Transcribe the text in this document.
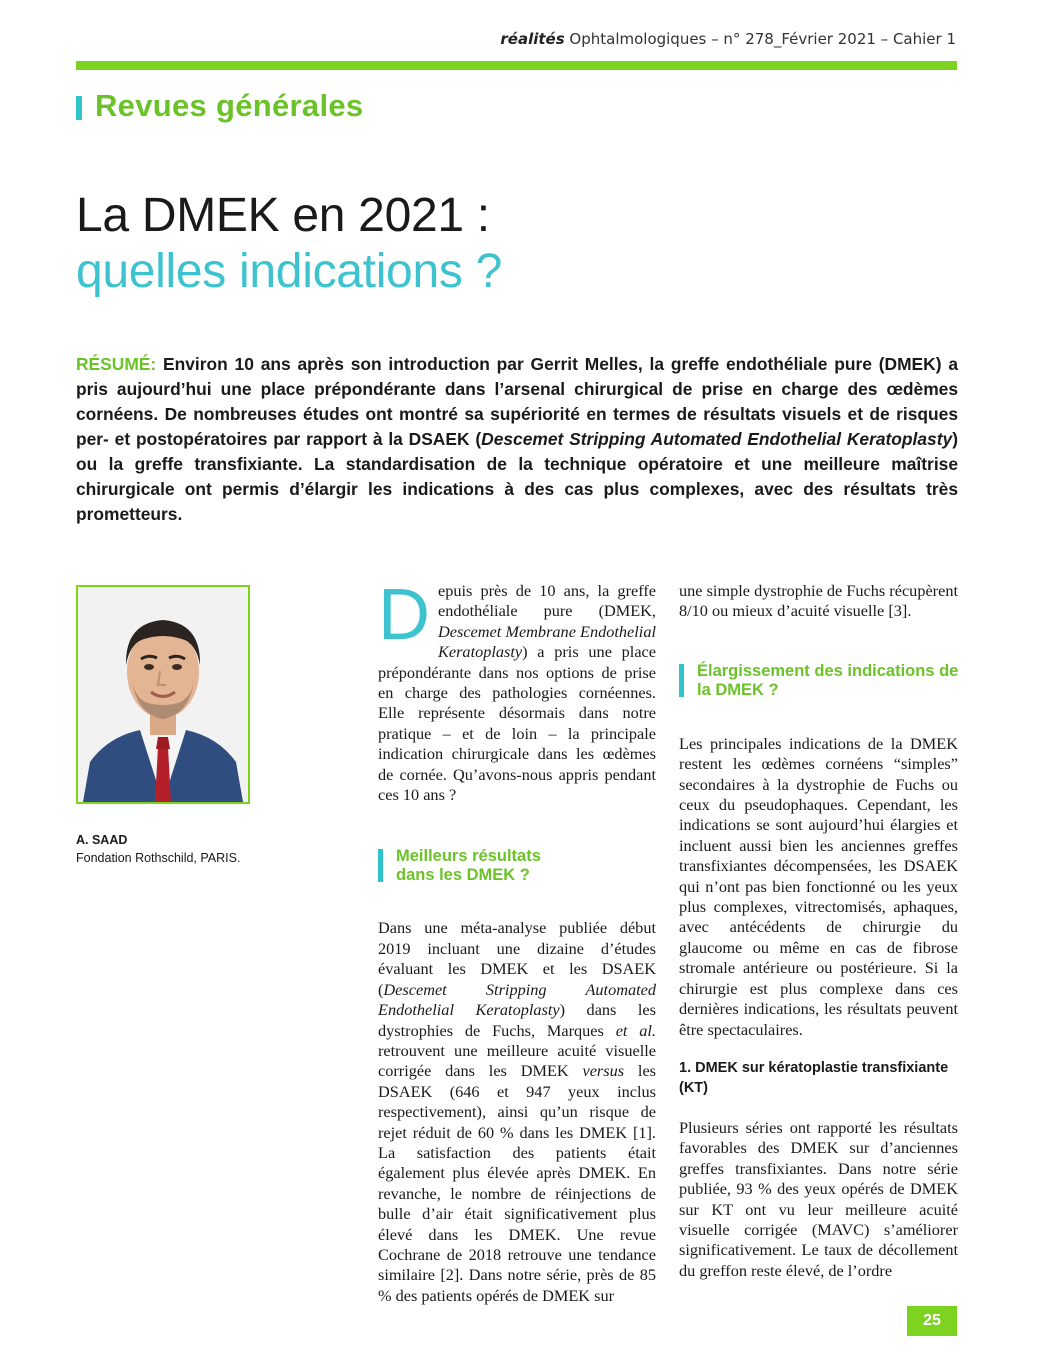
réalités Ophtalmologiques – n° 278_Février 2021 – Cahier 1
Revues générales
La DMEK en 2021 :
quelles indications ?
RÉSUMÉ: Environ 10 ans après son introduction par Gerrit Melles, la greffe endothéliale pure (DMEK) a pris aujourd’hui une place prépondérante dans l’arsenal chirurgical de prise en charge des œdèmes cornéens. De nombreuses études ont montré sa supériorité en termes de résultats visuels et de risques per- et postopératoires par rapport à la DSAEK (Descemet Stripping Automated Endothelial Keratoplasty) ou la greffe transfixiante. La standardisation de la technique opératoire et une meilleure maîtrise chirurgicale ont permis d’élargir les indications à des cas plus complexes, avec des résultats très prometteurs.
A. SAAD
Fondation Rothschild, PARIS.

Depuis près de 10 ans, la greffe endothéliale pure (DMEK, Descemet Membrane Endothelial Keratoplasty) a pris une place prépondérante dans nos options de prise en charge des pathologies cornéennes. Elle représente désormais dans notre pratique – et de loin – la principale indication chirurgicale dans les œdèmes de cornée. Qu’avons-nous appris pendant ces 10 ans ?

Meilleurs résultats dans les DMEK ?

Dans une méta-analyse publiée début 2019 incluant une dizaine d’études évaluant les DMEK et les DSAEK (Descemet Stripping Automated Endothelial Keratoplasty) dans les dystrophies de Fuchs, Marques et al. retrouvent une meilleure acuité visuelle corrigée dans les DMEK versus les DSAEK (646 et 947 yeux inclus respectivement), ainsi qu’un risque de rejet réduit de 60 % dans les DMEK [1]. La satisfaction des patients était également plus élevée après DMEK. En revanche, le nombre de réinjections de bulle d’air était significativement plus élevé dans les DMEK. Une revue Cochrane de 2018 retrouve une tendance similaire [2]. Dans notre série, près de 85 % des patients opérés de DMEK sur

une simple dystrophie de Fuchs récupèrent 8/10 ou mieux d’acuité visuelle [3].

Élargissement des indications de la DMEK ?

Les principales indications de la DMEK restent les œdèmes cornéens “simples” secondaires à la dystrophie de Fuchs ou ceux du pseudophaques. Cependant, les indications se sont aujourd’hui élargies et incluent aussi bien les anciennes greffes transfixiantes décompensées, les DSAEK qui n’ont pas bien fonctionné ou les yeux plus complexes, vitrectomisés, aphaques, avec antécédents de chirurgie du glaucome ou même en cas de fibrose stromale antérieure ou postérieure. Si la chirurgie est plus complexe dans ces dernières indications, les résultats peuvent être spectaculaires.

1. DMEK sur kératoplastie transfixiante (KT)

Plusieurs séries ont rapporté les résultats favorables des DMEK sur d’anciennes greffes transfixiantes. Dans notre série publiée, 93 % des yeux opérés de DMEK sur KT ont vu leur meilleure acuité visuelle corrigée (MAVC) s’améliorer significativement. Le taux de décollement du greffon reste élevé, de l’ordre

25
